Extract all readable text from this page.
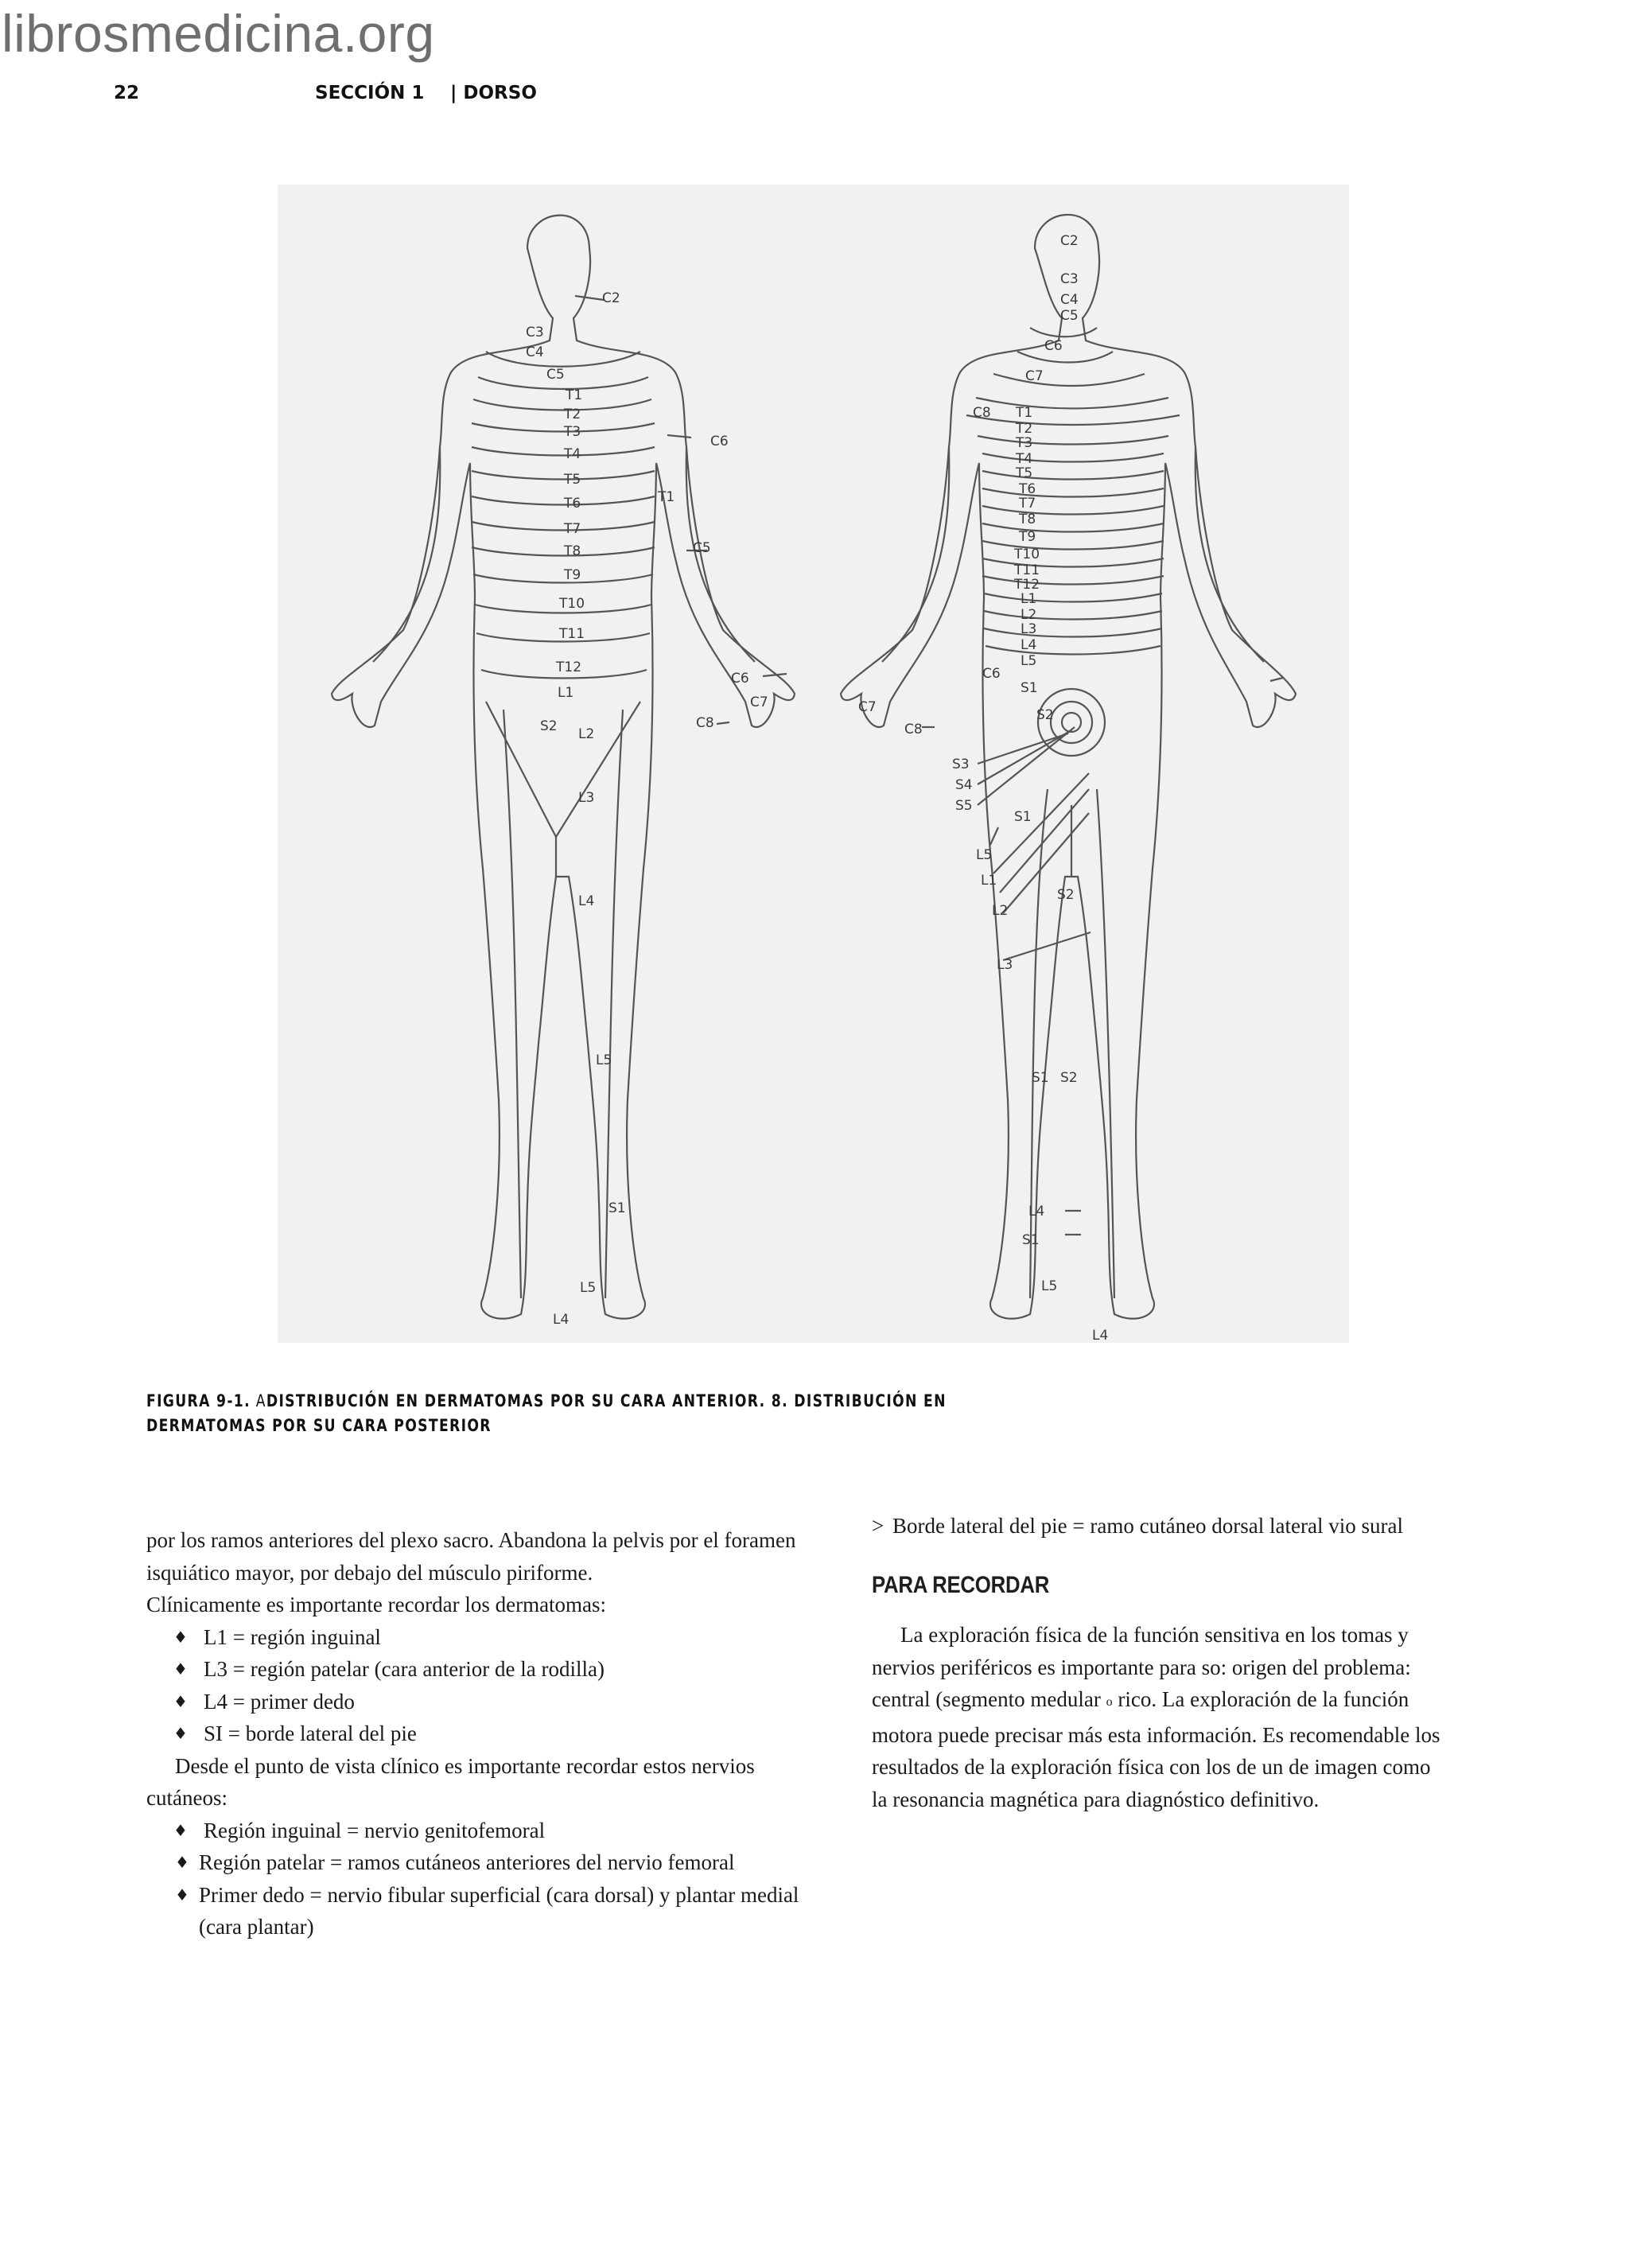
librosmedicina.org
22	SECCIÓN 1 | DORSO
C2
C3
C4
C5
T1
T2
T3
T4
T5
T6
T7
T8
T9
T10
T11
T12
L1
S2 L2
L3
L4
L5
S1
L5
L4
C6
T1
C5
C6
C7
C8
C2
C3
C4
C5
C6
C7
C8 T1
T2
T3
T4
T5
T6
T7
T8
T9
T10
T11
T12
L1
L2
L3
L4
L5
S1
S2
S3
S4
S5
S1
L5
L1
L2
S2
L3
S1 S2
L4
S1
L5
L4
C6
C7
C8
FIGURA 9-1. ADISTRIBUCIÓN EN DERMATOMAS POR SU CARA ANTERIOR. 8. DISTRIBUCIÓN EN DERMATOMAS POR SU CARA POSTERIOR

por los ramos anteriores del plexo sacro. Abandona la pelvis por el foramen isquiático mayor, por debajo del músculo piriforme.

Clínicamente es importante recordar los dermatomas:

♦ L1 = región inguinal
♦ L3 = región patelar (cara anterior de la rodilla)
♦ L4 = primer dedo
♦ SI = borde lateral del pie

Desde el punto de vista clínico es importante recordar estos nervios cutáneos:

♦ Región inguinal = nervio genitofemoral
♦ Región patelar = ramos cutáneos anteriores del nervio femoral
♦ Primer dedo = nervio fibular superficial (cara dorsal) y plantar medial (cara plantar)
> Borde lateral del pie = ramo cutáneo dorsal lateral vio sural
PARA RECORDAR

La exploración física de la función sensitiva en los tomas y nervios periféricos es importante para so: origen del problema: central (segmento medular o rico. La exploración de la función motora puede precisar más esta información. Es recomendable los resultados de la exploración física con los de un de imagen como la resonancia magnética para diagnóstico definitivo.
